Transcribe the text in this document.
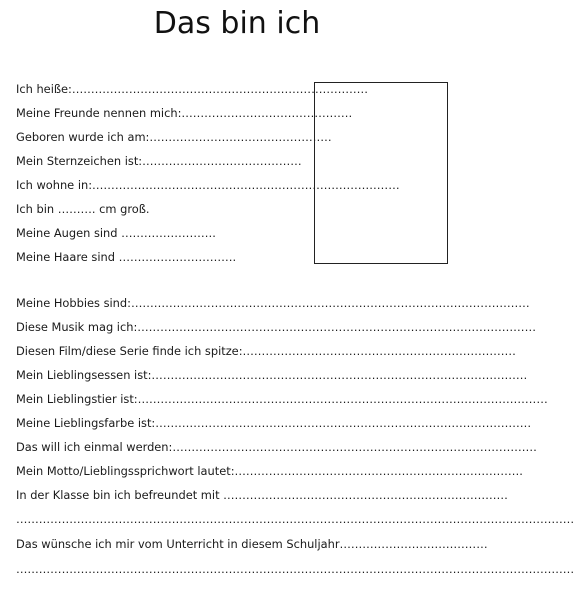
Das bin ich
Ich heiße:……………………………………………………………………
Meine Freunde nennen mich:………………………………………
Geboren wurde ich am:…………………………………………
Mein Sternzeichen ist:……………………………………
Ich wohne in:………………………………………………………………………
Ich bin ………. cm groß.
Meine Augen sind …………………….
Meine Haare sind ………………………….
Meine Hobbies sind:……………………………………………………………………………………………
Diese Musik mag ich:……………………………………………………………………………………………
Diesen Film/diese Serie finde ich spitze:………………………………………………………………
Mein Lieblingsessen ist:………………………………………………………………………………………
Mein Lieblingstier ist:………………………………………………………………………………………………
Meine Lieblingsfarbe ist:………………………………………………………………………………………
Das will ich einmal werden:……………………………………………………………………………………
Mein Motto/Lieblingssprichwort lautet:………………………………………………………………….
In der Klasse bin ich befreundet mit …………………………………………………………………
…………………………………………………………………………………………………………………………………
Das wünsche ich mir vom Unterricht in diesem Schuljahr…………………………………
…………………………………………………………………………………………………………………………………
